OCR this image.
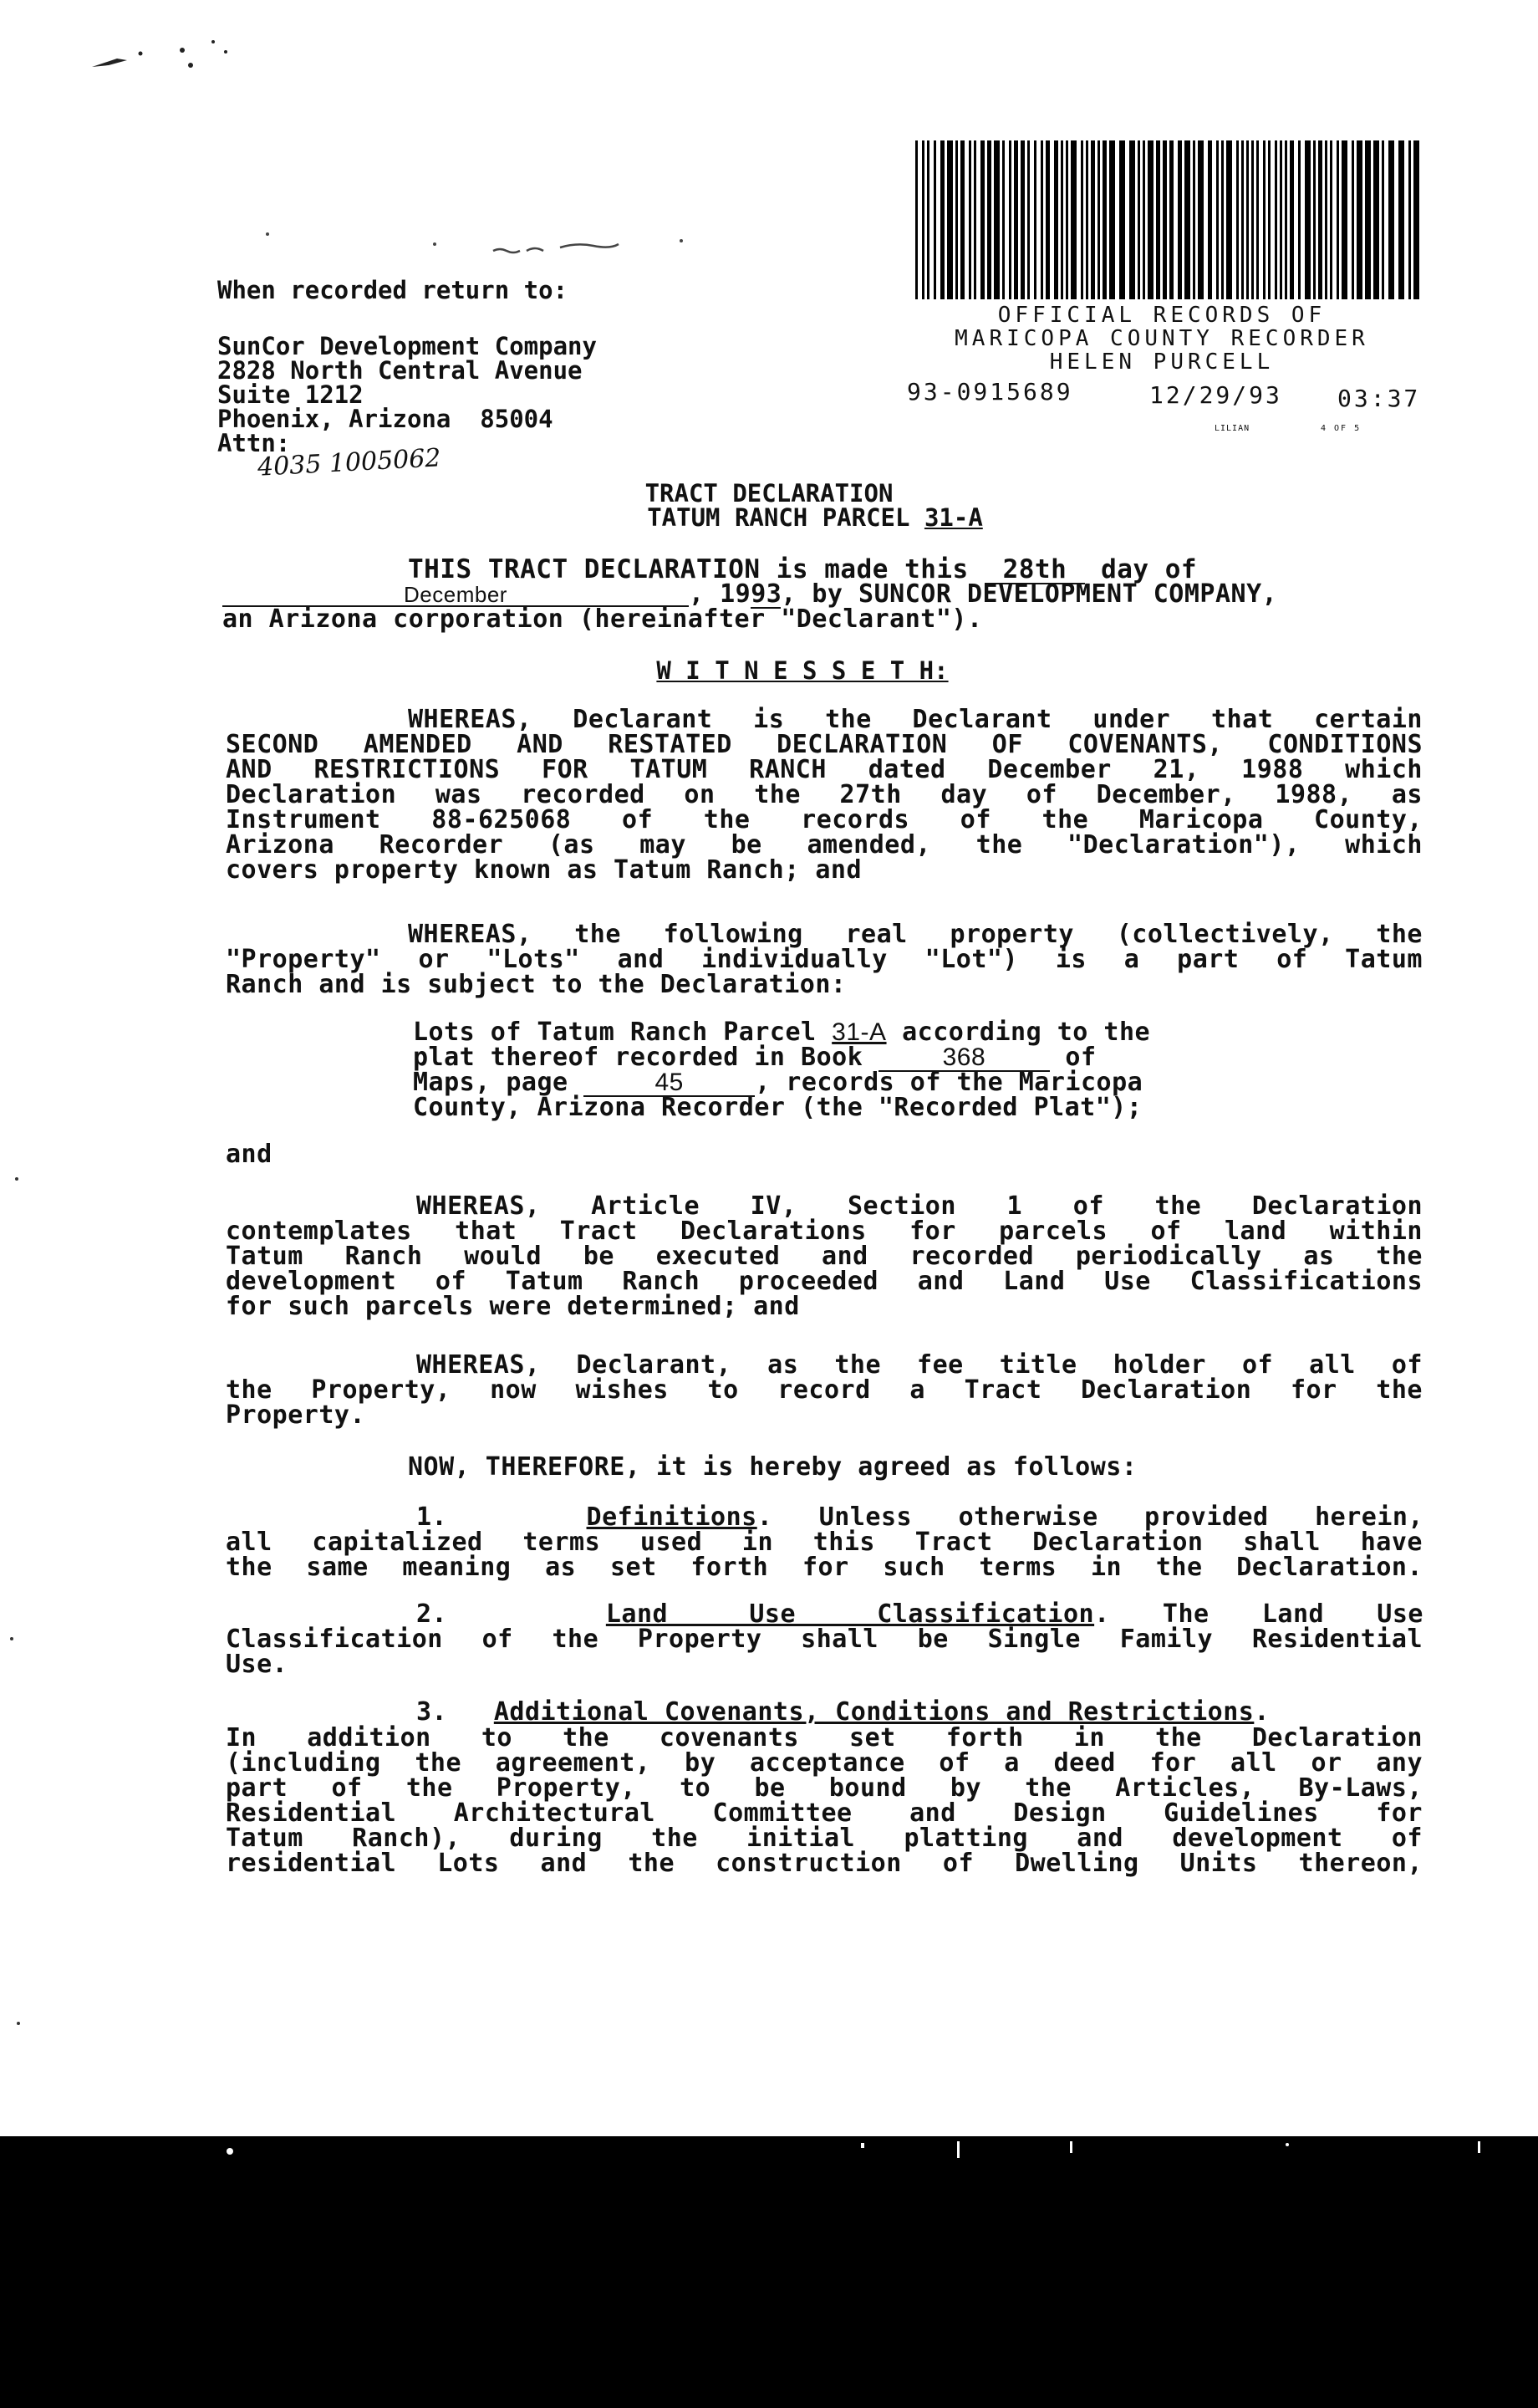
When recorded return to:
SunCor Development Company
2828 North Central Avenue
Suite 1212
Phoenix, Arizona  85004
Attn:
4035 1005062
OFFICIAL RECORDS OF
MARICOPA COUNTY RECORDER
HELEN PURCELL
93-0915689	12/29/93 03:37
LILIAN	4 OF 5
TRACT DECLARATION
TATUM RANCH PARCEL 31-A
THIS TRACT DECLARATION is made this 28th day of
December	, 1993, by SUNCOR DEVELOPMENT COMPANY,
an Arizona corporation (hereinafter "Declarant").
W I T N E S S E T H:
WHEREAS, Declarant is the Declarant under that certain
SECOND AMENDED AND RESTATED DECLARATION OF COVENANTS, CONDITIONS
AND RESTRICTIONS FOR TATUM RANCH dated December 21, 1988 which
Declaration was recorded on the 27th day of December, 1988, as
Instrument 88-625068 of the records of the Maricopa County,
Arizona Recorder (as may be amended, the "Declaration"), which
covers property known as Tatum Ranch; and
WHEREAS, the following real property (collectively, the
"Property" or "Lots" and individually "Lot") is a part of Tatum
Ranch and is subject to the Declaration:
Lots of Tatum Ranch Parcel 31-A according to the
plat thereof recorded in Book	368	of
Maps, page	45	, records of the Maricopa
County, Arizona Recorder (the "Recorded Plat");
and
WHEREAS, Article IV, Section 1 of the Declaration
contemplates that Tract Declarations for parcels of land within
Tatum Ranch would be executed and recorded periodically as the
development of Tatum Ranch proceeded and Land Use Classifications
for such parcels were determined; and
WHEREAS, Declarant, as the fee title holder of all of
the Property, now wishes to record a Tract Declaration for the
Property.
NOW, THEREFORE, it is hereby agreed as follows:
1.	Definitions. Unless otherwise provided herein,
all capitalized terms used in this Tract Declaration shall have
the same meaning as set forth for such terms in the Declaration.
2.	Land Use Classification. The Land Use
Classification of the Property shall be Single Family Residential
Use.
3. Additional Covenants, Conditions and Restrictions.
In addition to the covenants set forth in the Declaration
(including the agreement, by acceptance of a deed for all or any
part of the Property, to be bound by the Articles, By-Laws,
Residential Architectural Committee and Design Guidelines for
Tatum Ranch), during the initial platting and development of
residential Lots and the construction of Dwelling Units thereon,
